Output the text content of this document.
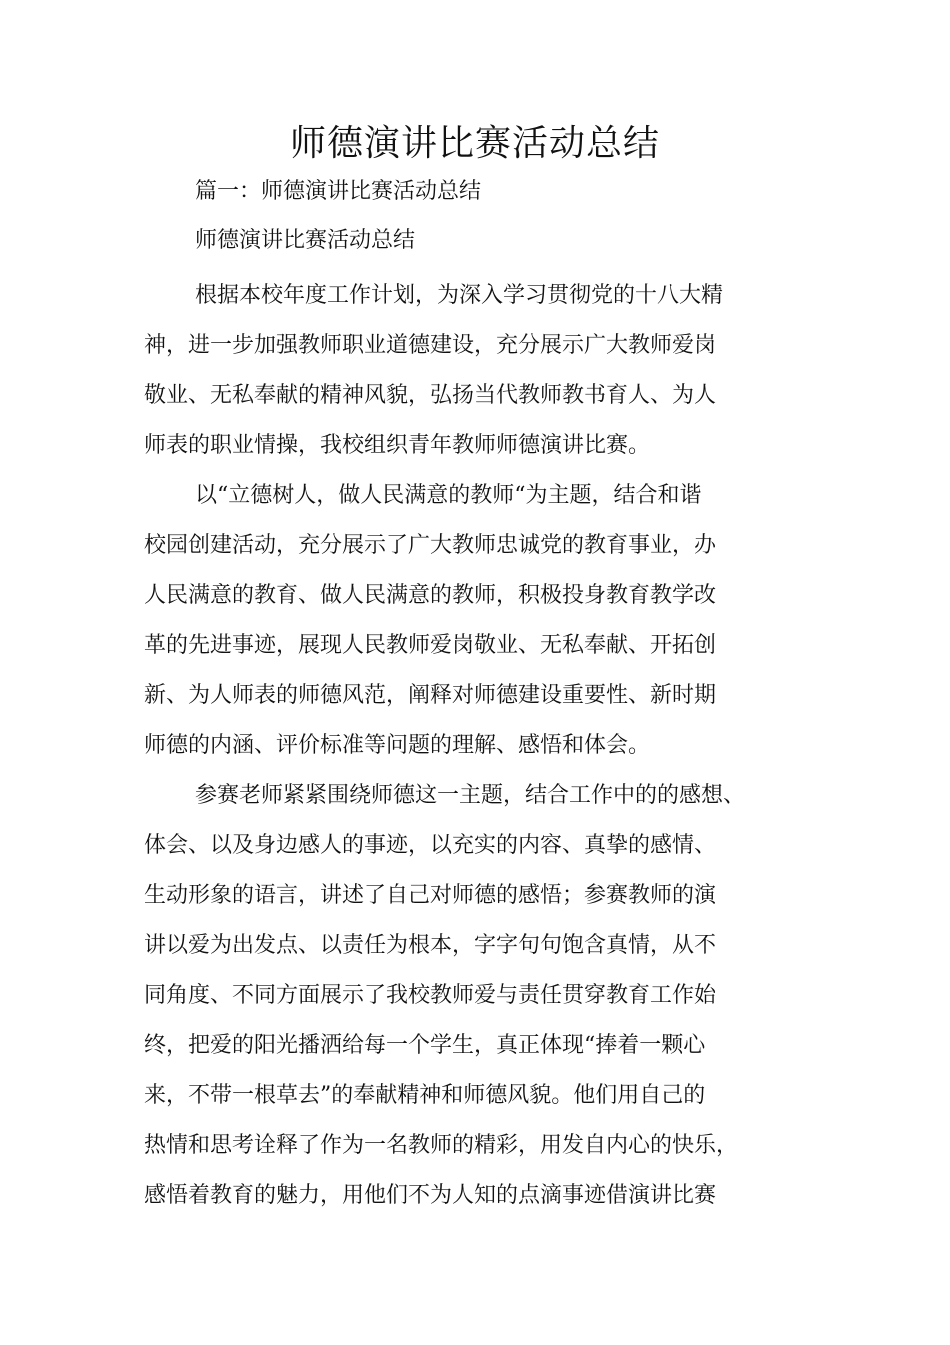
师德演讲比赛活动总结

篇一：师德演讲比赛活动总结

师德演讲比赛活动总结

根据本校年度工作计划，为深入学习贯彻党的十八大精

神，进一步加强教师职业道德建设，充分展示广大教师爱岗

敬业、无私奉献的精神风貌，弘扬当代教师教书育人、为人

师表的职业情操，我校组织青年教师师德演讲比赛。

以“立德树人，做人民满意的教师“为主题，结合和谐

校园创建活动，充分展示了广大教师忠诚党的教育事业，办

人民满意的教育、做人民满意的教师，积极投身教育教学改

革的先进事迹，展现人民教师爱岗敬业、无私奉献、开拓创

新、为人师表的师德风范，阐释对师德建设重要性、新时期

师德的内涵、评价标准等问题的理解、感悟和体会。

参赛老师紧紧围绕师德这一主题，结合工作中的的感想、

体会、以及身边感人的事迹，以充实的内容、真挚的感情、

生动形象的语言，讲述了自己对师德的感悟；参赛教师的演

讲以爱为出发点、以责任为根本，字字句句饱含真情，从不

同角度、不同方面展示了我校教师爱与责任贯穿教育工作始

终，把爱的阳光播洒给每一个学生，真正体现“捧着一颗心

来，不带一根草去”的奉献精神和师德风貌。他们用自己的

热情和思考诠释了作为一名教师的精彩，用发自内心的快乐，

感悟着教育的魅力，用他们不为人知的点滴事迹借演讲比赛
